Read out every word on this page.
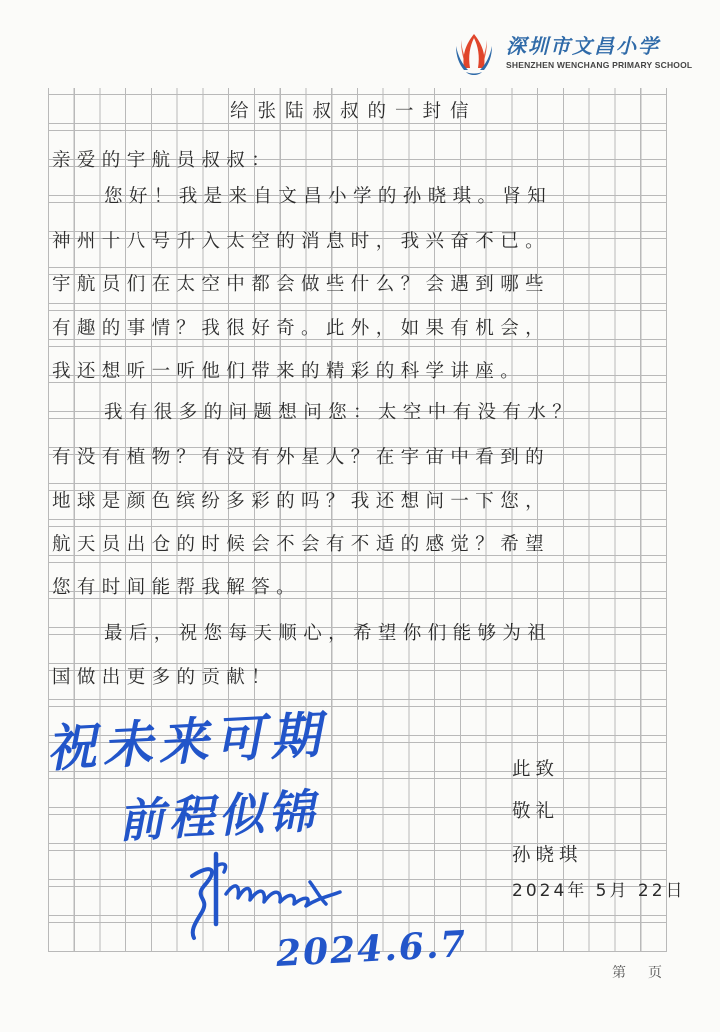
深圳市文昌小学
SHENZHEN WENCHANG PRIMARY SCHOOL
给张陆叔叔的一封信
亲爱的宇航员叔叔：
您好！我是来自文昌小学的孙晓琪。肾知
神州十八号升入太空的消息时，我兴奋不已。
宇航员们在太空中都会做些什么？会遇到哪些
有趣的事情？我很好奇。此外，如果有机会，
我还想听一听他们带来的精彩的科学讲座。
我有很多的问题想问您：太空中有没有水？
有没有植物？有没有外星人？在宇宙中看到的
地球是颜色缤纷多彩的吗？我还想问一下您，
航天员出仓的时候会不会有不适的感觉？希望
您有时间能帮我解答。
最后，祝您每天顺心，希望你们能够为祖
国做出更多的贡献！
此致
敬礼
孙晓琪
2024年 5月 22日
祝未来可期
前程似锦
2024.6.7	第页
